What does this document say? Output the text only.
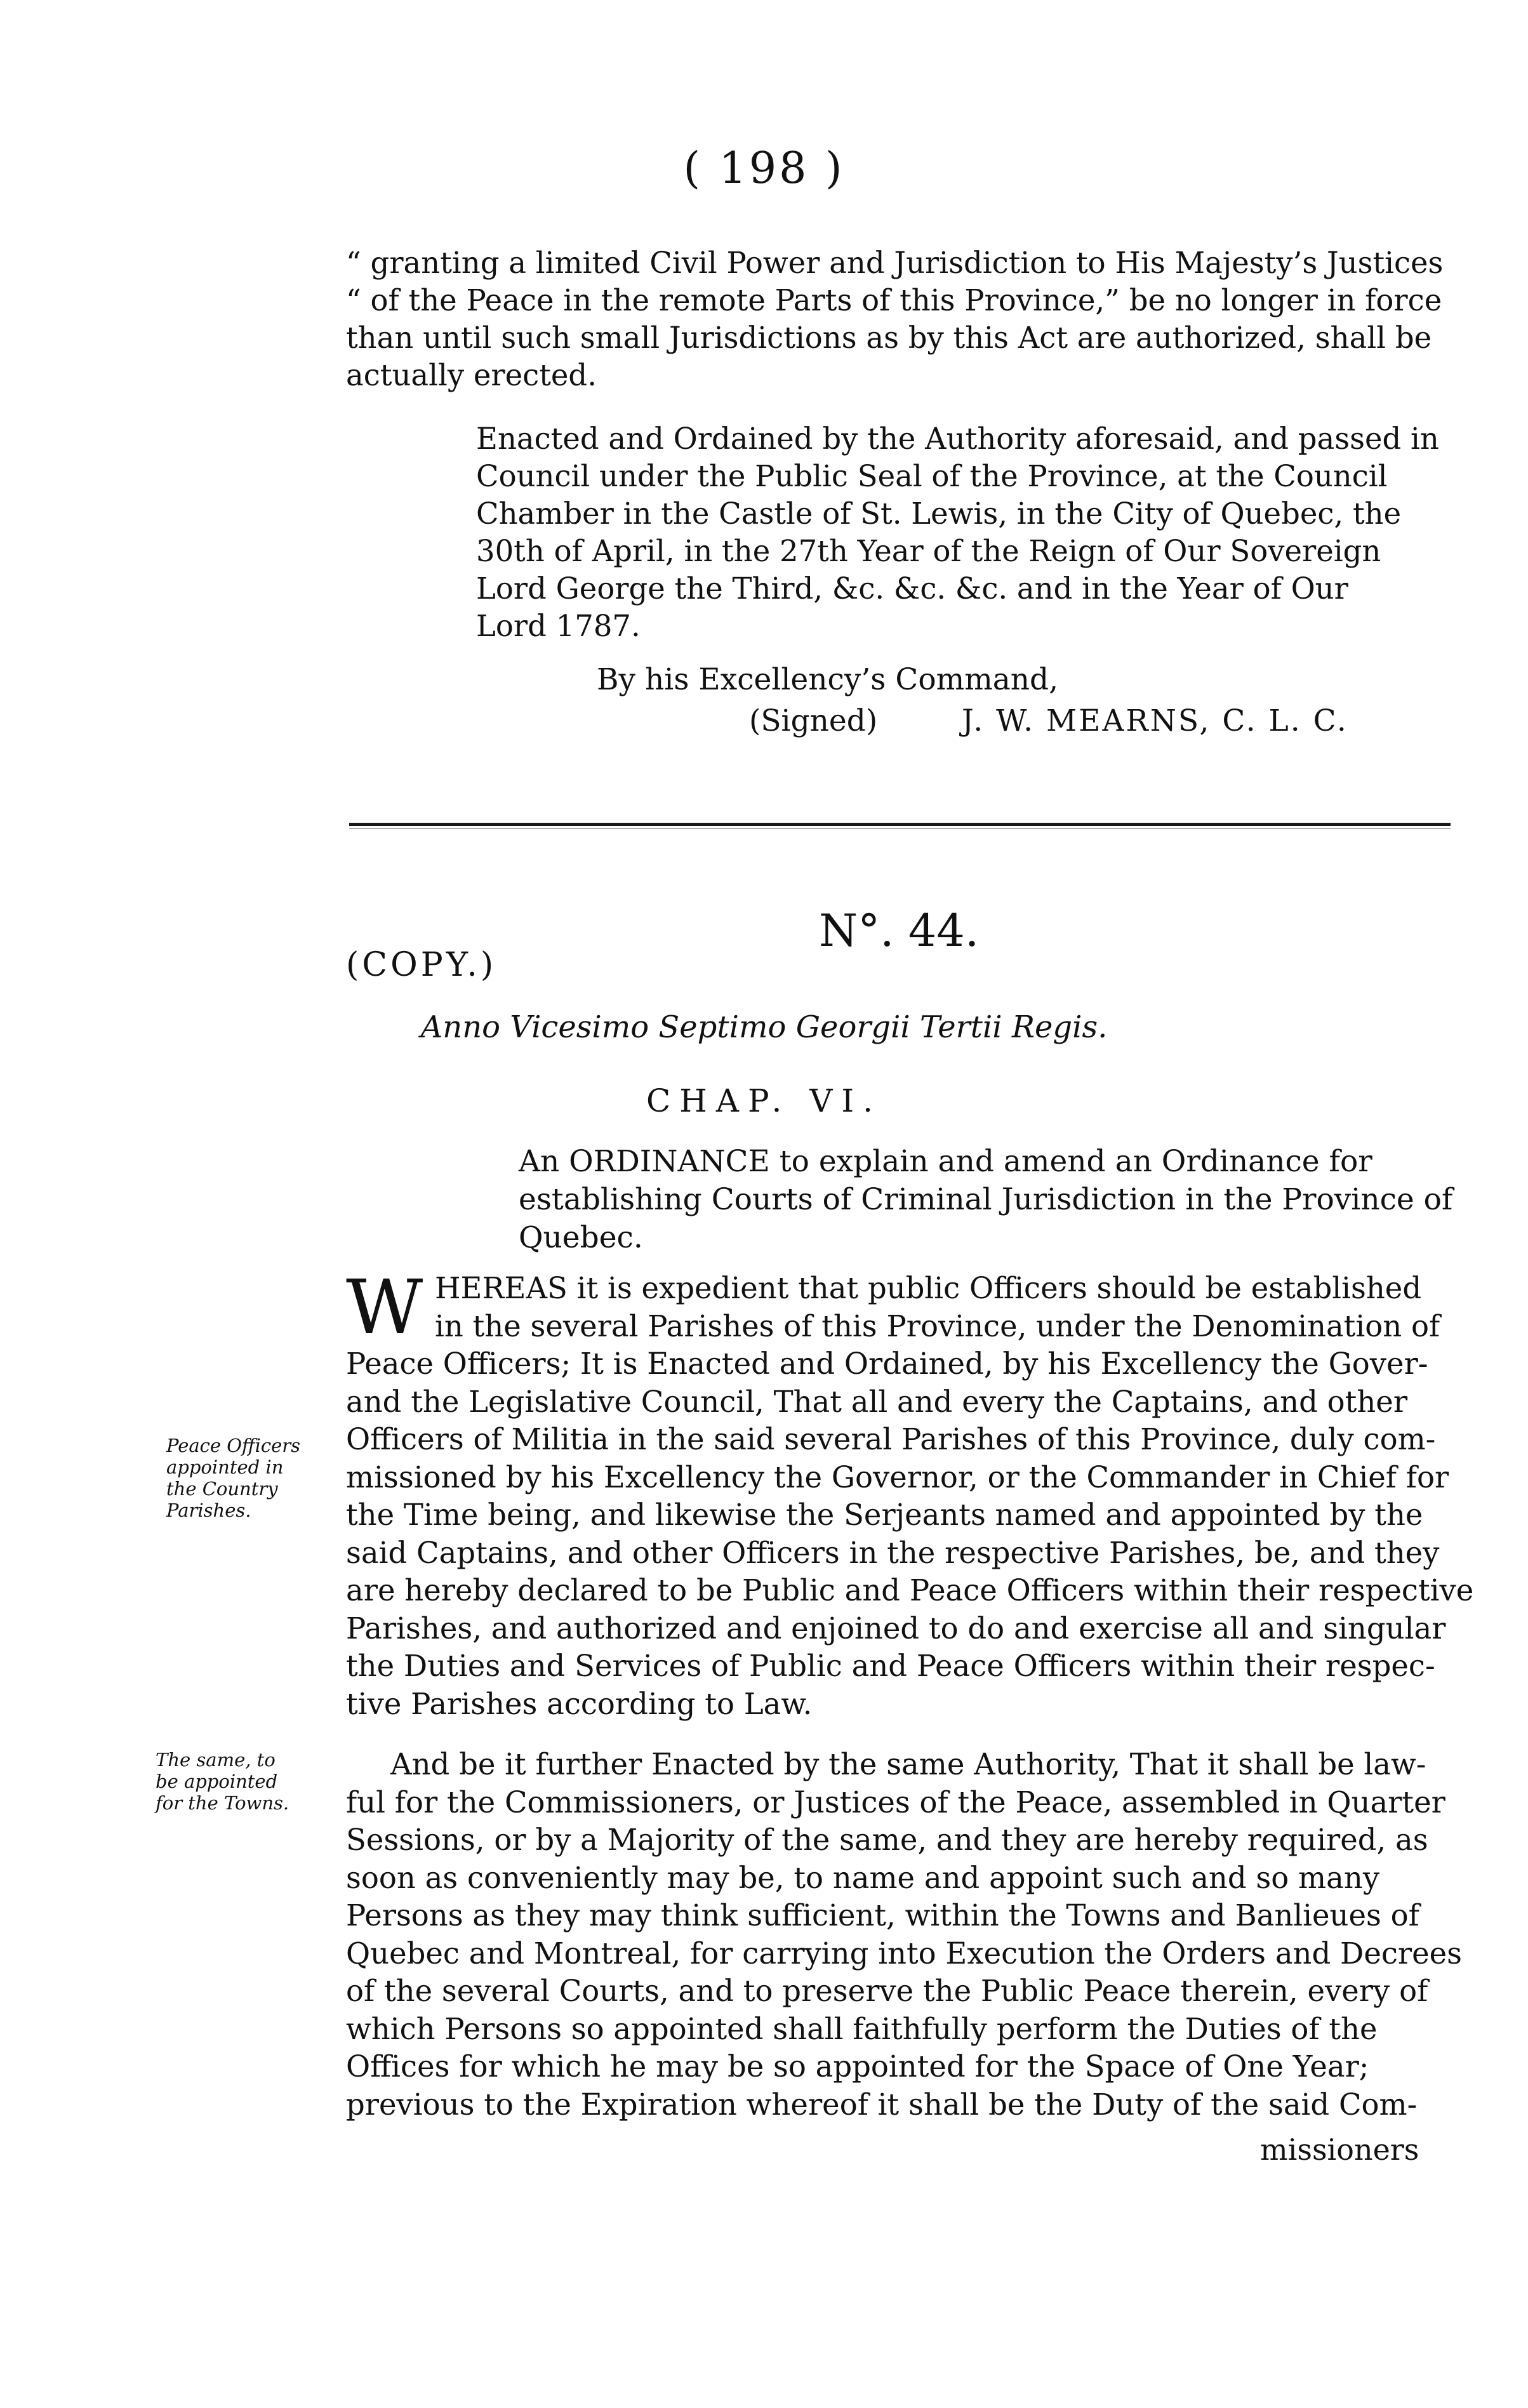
( 198 )
“ granting a limited Civil Power and Jurisdiction to His Majesty’s Justices
“ of the Peace in the remote Parts of this Province,” be no longer in force
than until such small Jurisdictions as by this Act are authorized, shall be
actually erected.
Enacted and Ordained by the Authority aforesaid, and passed in
Council under the Public Seal of the Province, at the Council
Chamber in the Castle of St. Lewis, in the City of Quebec, the
30th of April, in the 27th Year of the Reign of Our Sovereign
Lord George the Third, &c. &c. &c. and in the Year of Our
Lord 1787.
By his Excellency’s Command,
(Signed)	J. W. MEARNS, C. L. C.
N°. 44.
(COPY.)
Anno Vicesimo Septimo Georgii Tertii Regis.
CHAP. VI.
An ORDINANCE to explain and amend an Ordinance for
establishing Courts of Criminal Jurisdiction in the Province of
Quebec.
W HEREAS it is expedient that public Officers should be established
in the several Parishes of this Province, under the Denomination of
Peace Officers; It is Enacted and Ordained, by his Excellency the Gover-
and the Legislative Council, That all and every the Captains, and other
Officers of Militia in the said several Parishes of this Province, duly com-
missioned by his Excellency the Governor, or the Commander in Chief for
the Time being, and likewise the Serjeants named and appointed by the
said Captains, and other Officers in the respective Parishes, be, and they
are hereby declared to be Public and Peace Officers within their respective
Parishes, and authorized and enjoined to do and exercise all and singular
the Duties and Services of Public and Peace Officers within their respec-
tive Parishes according to Law.
And be it further Enacted by the same Authority, That it shall be law-
ful for the Commissioners, or Justices of the Peace, assembled in Quarter
Sessions, or by a Majority of the same, and they are hereby required, as
soon as conveniently may be, to name and appoint such and so many
Persons as they may think sufficient, within the Towns and Banlieues of
Quebec and Montreal, for carrying into Execution the Orders and Decrees
of the several Courts, and to preserve the Public Peace therein, every of
which Persons so appointed shall faithfully perform the Duties of the
Offices for which he may be so appointed for the Space of One Year;
previous to the Expiration whereof it shall be the Duty of the said Com-
missioners
Peace Officers
appointed in
the Country
Parishes.
The same, to
be appointed
for the Towns.
